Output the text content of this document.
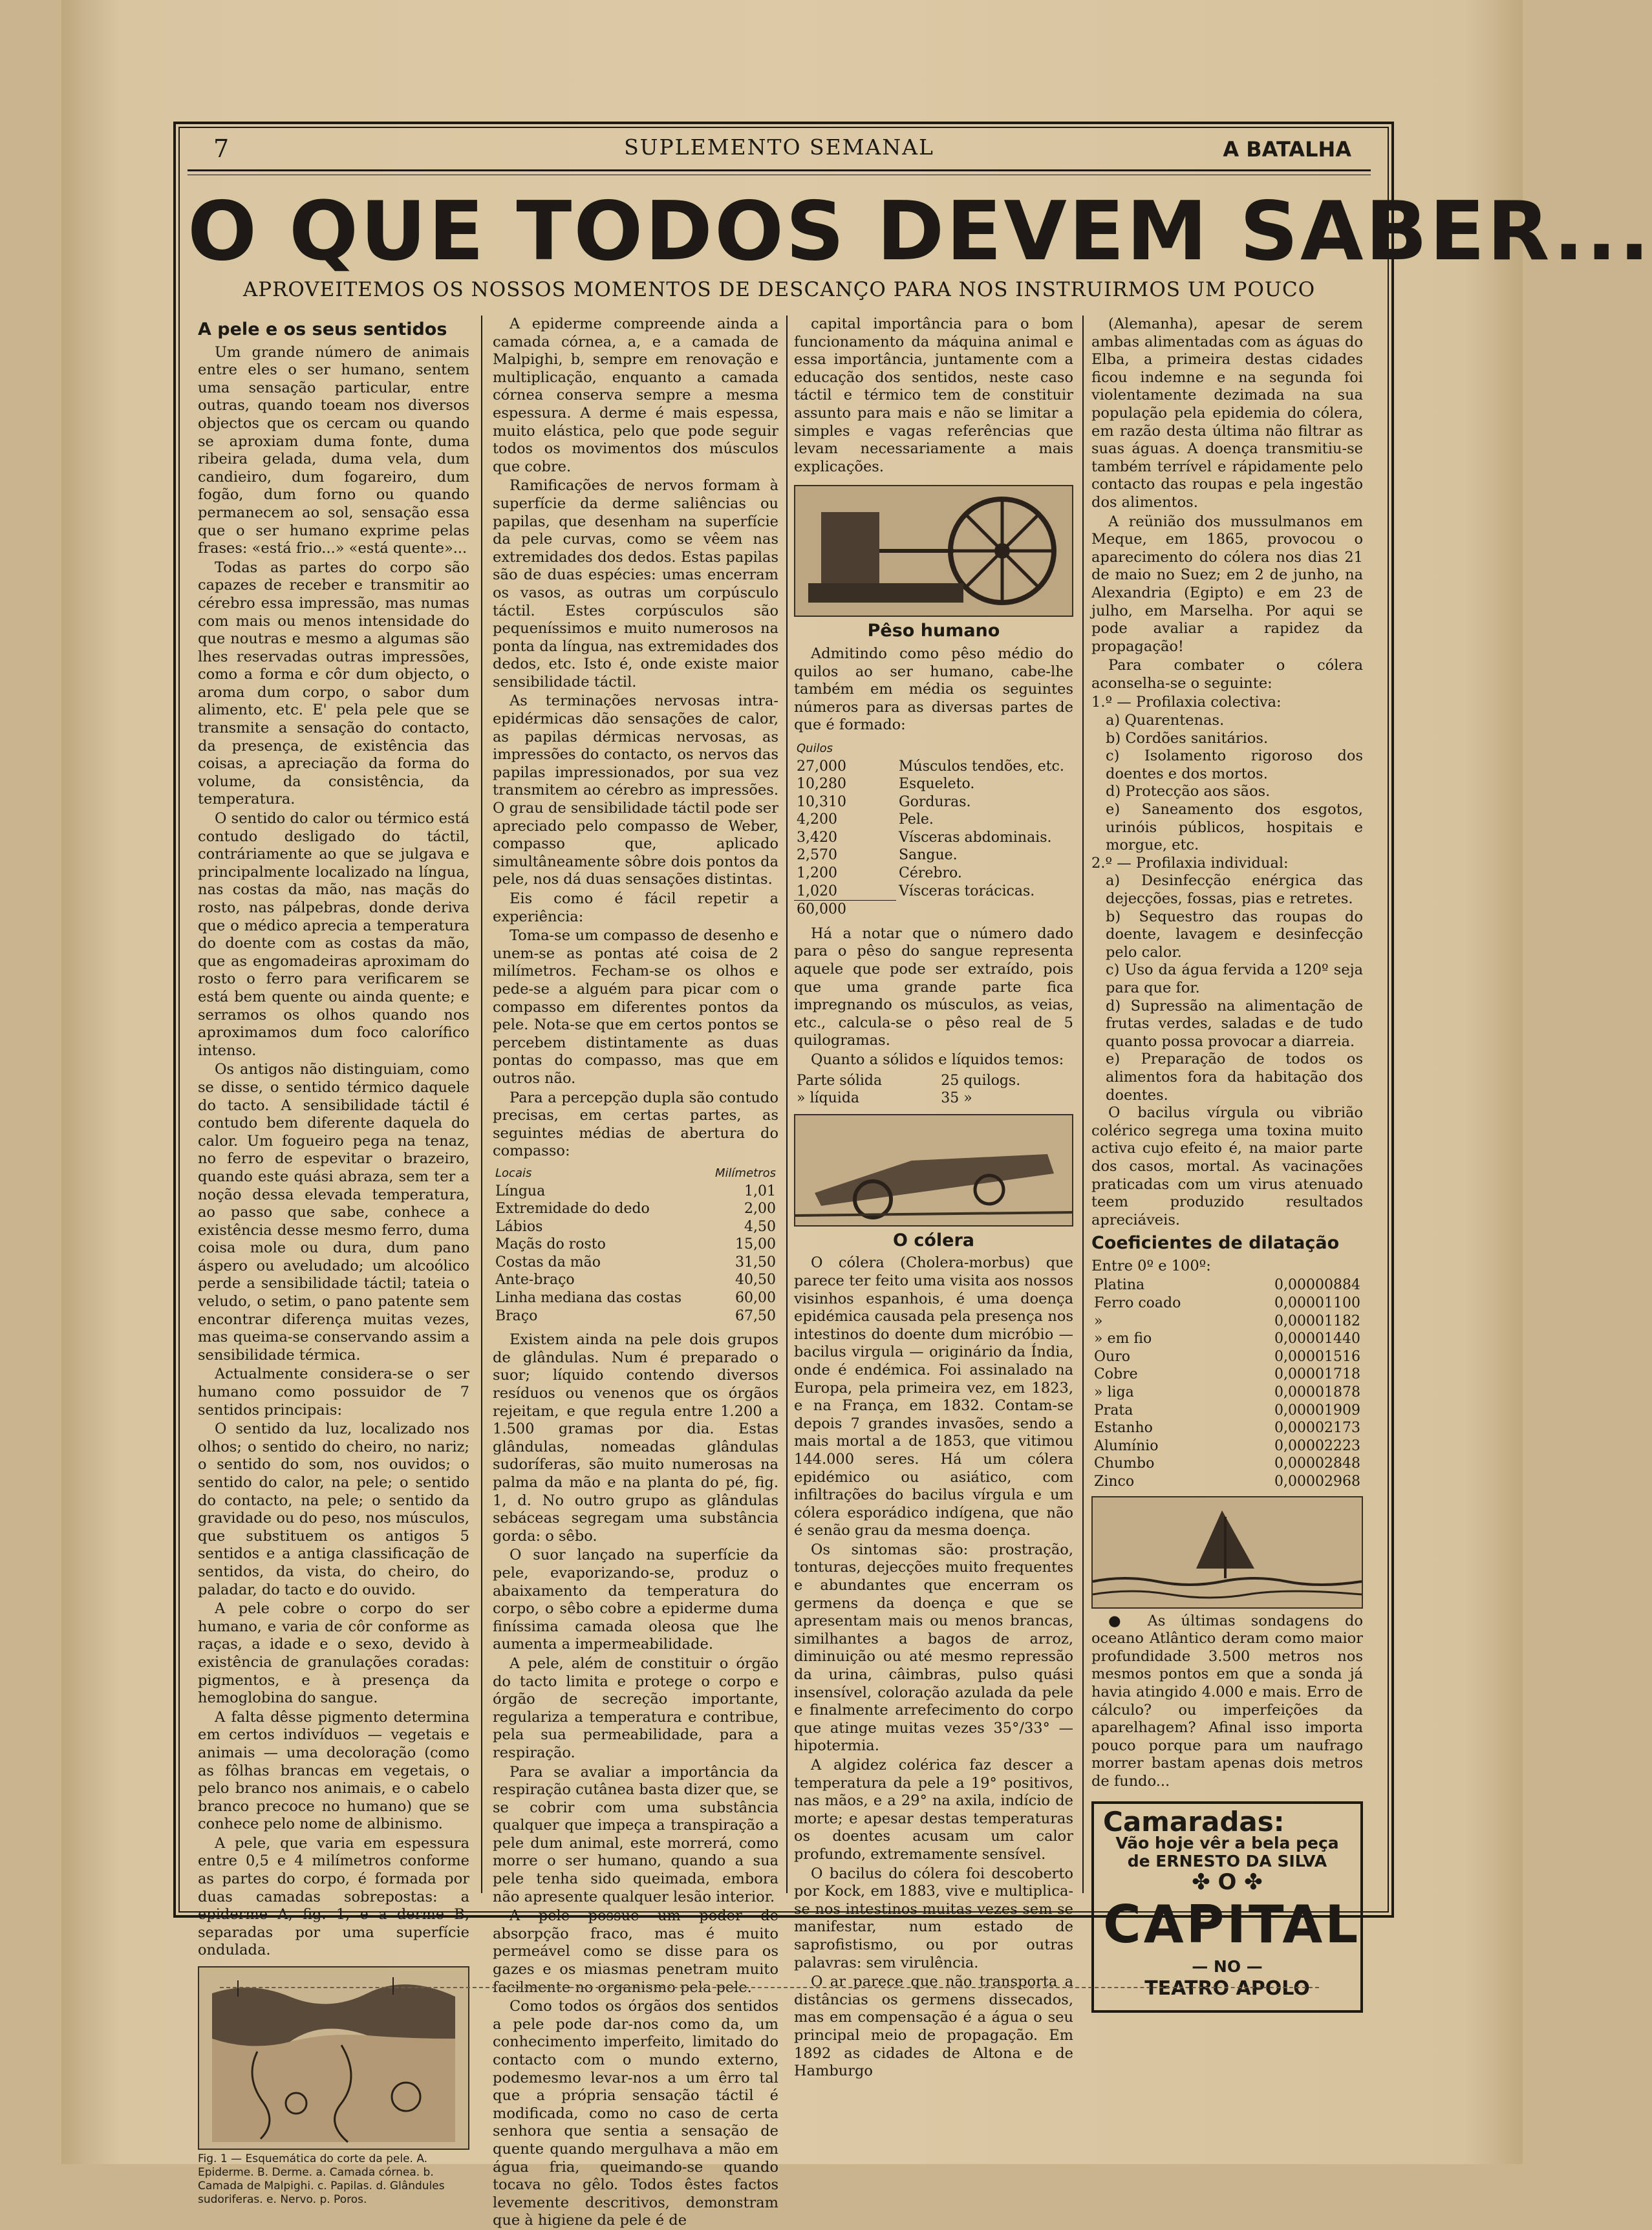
7	SUPLEMENTO SEMANAL	A BATALHA
O QUE TODOS DEVEM SABER...
APROVEITEMOS OS NOSSOS MOMENTOS DE DESCANÇO PARA NOS INSTRUIRMOS UM POUCO
A pele e os seus sentidos

Um grande número de animais entre eles o ser humano, sentem uma sensação particular, entre outras, quando toeam nos diversos objectos que os cercam ou quando se aproxiam duma fonte, duma ribeira gelada, duma vela, dum candieiro, dum fogareiro, dum fogão, dum forno ou quando permanecem ao sol, sensação essa que o ser humano exprime pelas frases: «está frio...» «está quente»...

Todas as partes do corpo são capazes de receber e transmitir ao cérebro essa impressão, mas numas com mais ou menos intensidade do que noutras e mesmo a algumas são lhes reservadas outras impressões, como a forma e côr dum objecto, o aroma dum corpo, o sabor dum alimento, etc. E' pela pele que se transmite a sensação do contacto, da presença, de existência das coisas, a apreciação da forma do volume, da consistência, da temperatura.

O sentido do calor ou térmico está contudo desligado do táctil, contráriamente ao que se julgava e principalmente localizado na língua, nas costas da mão, nas maçãs do rosto, nas pálpebras, donde deriva que o médico aprecia a temperatura do doente com as costas da mão, que as engomadeiras aproximam do rosto o ferro para verificarem se está bem quente ou ainda quente; e serramos os olhos quando nos aproximamos dum foco calorífico intenso.

Os antigos não distinguiam, como se disse, o sentido térmico daquele do tacto. A sensibilidade táctil é contudo bem diferente daquela do calor. Um fogueiro pega na tenaz, no ferro de espevitar o brazeiro, quando este quási abraza, sem ter a noção dessa elevada temperatura, ao passo que sabe, conhece a existência desse mesmo ferro, duma coisa mole ou dura, dum pano áspero ou aveludado; um alcoólico perde a sensibilidade táctil; tateia o veludo, o setim, o pano patente sem encontrar diferença muitas vezes, mas queima-se conservando assim a sensibilidade térmica.

Actualmente considera-se o ser humano como possuidor de 7 sentidos principais:

O sentido da luz, localizado nos olhos; o sentido do cheiro, no nariz; o sentido do som, nos ouvidos; o sentido do calor, na pele; o sentido do contacto, na pele; o sentido da gravidade ou do peso, nos músculos, que substituem os antigos 5 sentidos e a antiga classificação de sentidos, da vista, do cheiro, do paladar, do tacto e do ouvido.

A pele cobre o corpo do ser humano, e varia de côr conforme as raças, a idade e o sexo, devido à existência de granulações coradas: pigmentos, e à presença da hemoglobina do sangue.

A falta dêsse pigmento determina em certos indivíduos — vegetais e animais — uma decoloração (como as fôlhas brancas em vegetais, o pelo branco nos animais, e o cabelo branco precoce no humano) que se conhece pelo nome de albinismo.

A pele, que varia em espessura entre 0,5 e 4 milímetros conforme as partes do corpo, é formada por duas camadas sobrepostas: a epiderme A, fig. 1, e a derme B, separadas por uma superfície ondulada.

Fig. 1 — Esquemática do corte da pele. A. Epiderme. B. Derme. a. Camada córnea. b. Camada de Malpighi. c. Papilas. d. Glândules sudoriferas. e. Nervo. p. Poros.

A epiderme compreende ainda a camada córnea, a, e a camada de Malpighi, b, sempre em renovação e multiplicação, enquanto a camada córnea conserva sempre a mesma espessura. A derme é mais espessa, muito elástica, pelo que pode seguir todos os movimentos dos músculos que cobre.

Ramificações de nervos formam à superfície da derme saliências ou papilas, que desenham na superfície da pele curvas, como se vêem nas extremidades dos dedos. Estas papilas são de duas espécies: umas encerram os vasos, as outras um corpúsculo táctil. Estes corpúsculos são pequeníssimos e muito numerosos na ponta da língua, nas extremidades dos dedos, etc. Isto é, onde existe maior sensibilidade táctil.

As terminações nervosas intra-epidérmicas dão sensações de calor, as papilas dérmicas nervosas, as impressões do contacto, os nervos das papilas impressionados, por sua vez transmitem ao cérebro as impressões. O grau de sensibilidade táctil pode ser apreciado pelo compasso de Weber, compasso que, aplicado simultâneamente sôbre dois pontos da pele, nos dá duas sensações distintas.

Eis como é fácil repetir a experiência:

Toma-se um compasso de desenho e unem-se as pontas até coisa de 2 milímetros. Fecham-se os olhos e pede-se a alguém para picar com o compasso em diferentes pontos da pele. Nota-se que em certos pontos se percebem distintamente as duas pontas do compasso, mas que em outros não.

Para a percepção dupla são contudo precisas, em certas partes, as seguintes médias de abertura do compasso:

Locais	Milímetros
Língua	1,01
Extremidade do dedo	2,00
Lábios	4,50
Maçãs do rosto	15,00
Costas da mão	31,50
Ante-braço	40,50
Linha mediana das costas	60,00
Braço	67,50

Existem ainda na pele dois grupos de glândulas. Num é preparado o suor; líquido contendo diversos resíduos ou venenos que os órgãos rejeitam, e que regula entre 1.200 a 1.500 gramas por dia. Estas glândulas, nomeadas glândulas sudoríferas, são muito numerosas na palma da mão e na planta do pé, fig. 1, d. No outro grupo as glândulas sebáceas segregam uma substância gorda: o sêbo.

O suor lançado na superfície da pele, evaporizando-se, produz o abaixamento da temperatura do corpo, o sêbo cobre a epiderme duma finíssima camada oleosa que lhe aumenta a impermeabilidade.

A pele, além de constituir o órgão do tacto limita e protege o corpo e órgão de secreção importante, regulariza a temperatura e contribue, pela sua permeabilidade, para a respiração.

Para se avaliar a importância da respiração cutânea basta dizer que, se se cobrir com uma substância qualquer que impeça a transpiração a pele dum animal, este morrerá, como morre o ser humano, quando a sua pele tenha sido queimada, embora não apresente qualquer lesão interior.

A pele possue um poder de absorpção fraco, mas é muito permeável como se disse para os gazes e os miasmas penetram muito facilmente no organismo pela pele.

Como todos os órgãos dos sentidos a pele pode dar-nos como da, um conhecimento imperfeito, limitado do contacto com o mundo externo, podemesmo levar-nos a um êrro tal que a própria sensação táctil é modificada, como no caso de certa senhora que sentia a sensação de quente quando mergulhava a mão em água fria, queimando-se quando tocava no gêlo. Todos êstes factos levemente descritivos, demonstram que à higiene da pele é de

capital importância para o bom funcionamento da máquina animal e essa importância, juntamente com a educação dos sentidos, neste caso táctil e térmico tem de constituir assunto para mais e não se limitar a simples e vagas referências que levam necessariamente a mais explicações.

Pêso humano

Admitindo como pêso médio do quilos ao ser humano, cabe-lhe também em média os seguintes números para as diversas partes de que é formado:

Quilos	
27,000	Músculos tendões, etc.
10,280	Esqueleto.
10,310	Gorduras.
4,200	Pele.
3,420	Vísceras abdominais.
2,570	Sangue.
1,200	Cérebro.
1,020	Vísceras torácicas.
60,000	

Há a notar que o número dado para o pêso do sangue representa aquele que pode ser extraído, pois que uma grande parte fica impregnando os músculos, as veias, etc., calcula-se o pêso real de 5 quilogramas.

Quanto a sólidos e líquidos temos:

Parte sólida	25 quilogs.
» líquida	35 »
O cólera

O cólera (Cholera-morbus) que parece ter feito uma visita aos nossos visinhos espanhois, é uma doença epidémica causada pela presença nos intestinos do doente dum micróbio — bacilus virgula — originário da Índia, onde é endémica. Foi assinalado na Europa, pela primeira vez, em 1823, e na França, em 1832. Contam-se depois 7 grandes invasões, sendo a mais mortal a de 1853, que vitimou 144.000 seres. Há um cólera epidémico ou asiático, com infiltrações do bacilus vírgula e um cólera esporádico indígena, que não é senão grau da mesma doença.

Os sintomas são: prostração, tonturas, dejecções muito frequentes e abundantes que encerram os germens da doença e que se apresentam mais ou menos brancas, similhantes a bagos de arroz, diminuição ou até mesmo repressão da urina, câimbras, pulso quási insensível, coloração azulada da pele e finalmente arrefecimento do corpo que atinge muitas vezes 35°/33° — hipotermia.

A algidez colérica faz descer a temperatura da pele a 19° positivos, nas mãos, e a 29° na axila, indício de morte; e apesar destas temperaturas os doentes acusam um calor profundo, extremamente sensível.

O bacilus do cólera foi descoberto por Kock, em 1883, vive e multiplica-se nos intestinos muitas vezes sem se manifestar, num estado de saprofistismo, ou por outras palavras: sem virulência.

O ar parece que não transporta a distâncias os germens dissecados, mas em compensação é a água o seu principal meio de propagação. Em 1892 as cidades de Altona e de Hamburgo

(Alemanha), apesar de serem ambas alimentadas com as águas do Elba, a primeira destas cidades ficou indemne e na segunda foi violentamente dezimada na sua população pela epidemia do cólera, em razão desta última não filtrar as suas águas. A doença transmitiu-se também terrível e rápidamente pelo contacto das roupas e pela ingestão dos alimentos.

A reünião dos mussulmanos em Meque, em 1865, provocou o aparecimento do cólera nos dias 21 de maio no Suez; em 2 de junho, na Alexandria (Egipto) e em 23 de julho, em Marselha. Por aqui se pode avaliar a rapidez da propagação!

Para combater o cólera aconselha-se o seguinte:

1.º — Profilaxia colectiva:
a) Quarentenas.
b) Cordões sanitários.
c) Isolamento rigoroso dos doentes e dos mortos.
d) Protecção aos sãos.
e) Saneamento dos esgotos, urinóis públicos, hospitais e morgue, etc.
2.º — Profilaxia individual:
a) Desinfecção enérgica das dejecções, fossas, pias e retretes.
b) Sequestro das roupas do doente, lavagem e desinfecção pelo calor.
c) Uso da água fervida a 120º seja para que for.
d) Supressão na alimentação de frutas verdes, saladas e de tudo quanto possa provocar a diarreia.
e) Preparação de todos os alimentos fora da habitação dos doentes.

O bacilus vírgula ou vibrião colérico segrega uma toxina muito activa cujo efeito é, na maior parte dos casos, mortal. As vacinações praticadas com um virus atenuado teem produzido resultados apreciáveis.

Coeficientes de dilatação
Entre 0º e 100º:
Platina	0,00000884
Ferro coado	0,00001100
»	0,00001182
» em fio	0,00001440
Ouro	0,00001516
Cobre	0,00001718
» liga	0,00001878
Prata	0,00001909
Estanho	0,00002173
Alumínio	0,00002223
Chumbo	0,00002848
Zinco	0,00002968

● As últimas sondagens do oceano Atlântico deram como maior profundidade 3.500 metros nos mesmos pontos em que a sonda já havia atingido 4.000 e mais. Erro de cálculo? ou imperfeições da aparelhagem? Afinal isso importa pouco porque para um naufrago morrer bastam apenas dois metros de fundo...

Camaradas:
Vão hoje vêr a bela peça de ERNESTO DA SILVA
✤ O ✤
CAPITAL
— NO —
TEATRO APOLO
